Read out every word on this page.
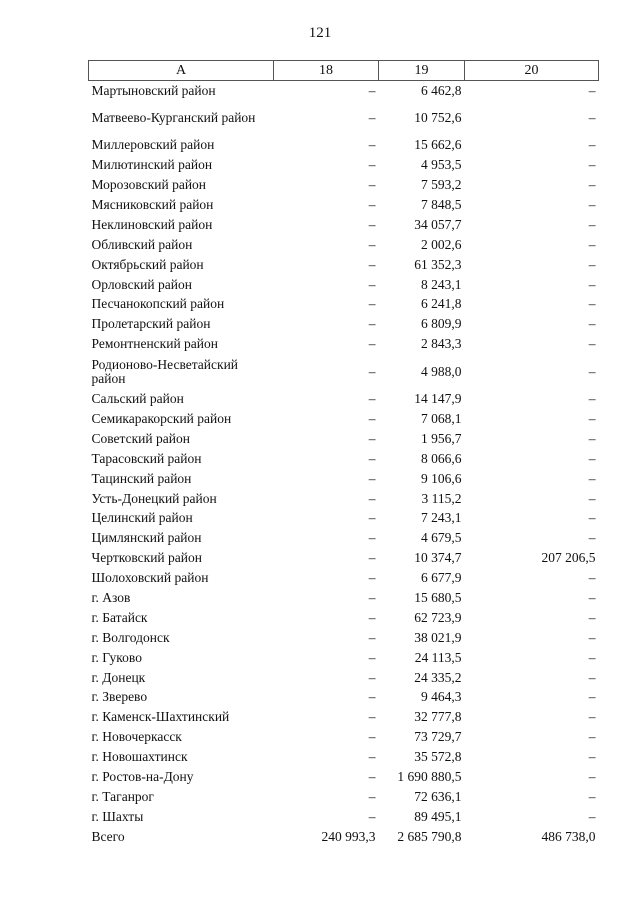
121
А	18	19	20
Мартыновский район	–	6 462,8	–
Матвеево-Курганский район	–	10 752,6	–
Миллеровский район	–	15 662,6	–
Милютинский район	–	4 953,5	–
Морозовский район	–	7 593,2	–
Мясниковский район	–	7 848,5	–
Неклиновский район	–	34 057,7	–
Обливский район	–	2 002,6	–
Октябрьский район	–	61 352,3	–
Орловский район	–	8 243,1	–
Песчанокопский район	–	6 241,8	–
Пролетарский район	–	6 809,9	–
Ремонтненский район	–	2 843,3	–
Родионово-Несветайский район	–	4 988,0	–
Сальский район	–	14 147,9	–
Семикаракорский район	–	7 068,1	–
Советский район	–	1 956,7	–
Тарасовский район	–	8 066,6	–
Тацинский район	–	9 106,6	–
Усть-Донецкий район	–	3 115,2	–
Целинский район	–	7 243,1	–
Цимлянский район	–	4 679,5	–
Чертковский район	–	10 374,7	207 206,5
Шолоховский район	–	6 677,9	–
г. Азов	–	15 680,5	–
г. Батайск	–	62 723,9	–
г. Волгодонск	–	38 021,9	–
г. Гуково	–	24 113,5	–
г. Донецк	–	24 335,2	–
г. Зверево	–	9 464,3	–
г. Каменск-Шахтинский	–	32 777,8	–
г. Новочеркасск	–	73 729,7	–
г. Новошахтинск	–	35 572,8	–
г. Ростов-на-Дону	–	1 690 880,5	–
г. Таганрог	–	72 636,1	–
г. Шахты	–	89 495,1	–
Всего	240 993,3	2 685 790,8	486 738,0
